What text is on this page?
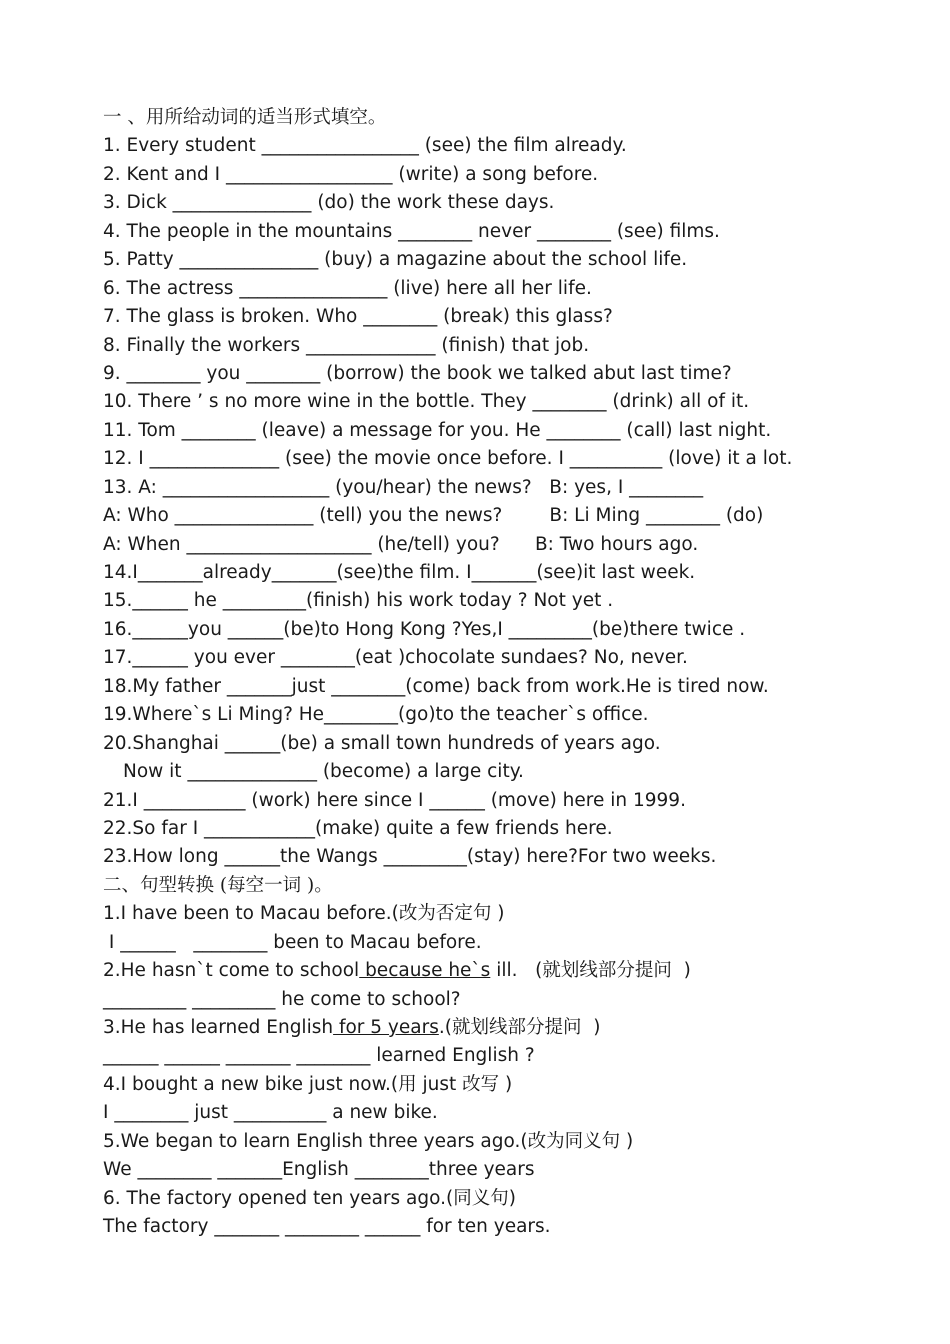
一 、用所给动词的适当形式填空。
1. Every student _________________ (see) the film already.
2. Kent and I __________________ (write) a song before.
3. Dick _______________ (do) the work these days.
4. The people in the mountains ________ never ________ (see) films.
5. Patty _______________ (buy) a magazine about the school life.
6. The actress ________________ (live) here all her life.
7. The glass is broken. Who ________ (break) this glass?
8. Finally the workers ______________ (finish) that job.
9. ________ you ________ (borrow) the book we talked abut last time?
10. There ’ s no more wine in the bottle. They ________ (drink) all of it.
11. Tom ________ (leave) a message for you. He ________ (call) last night.
12. I ______________ (see) the movie once before. I __________ (love) it a lot.
13. A: __________________ (you/hear) the news?   B: yes, I ________
A: Who _______________ (tell) you the news?        B: Li Ming ________ (do)
A: When ____________________ (he/tell) you?      B: Two hours ago.
14.I_______already_______(see)the film. I_______(see)it last week.
15.______ he _________(finish) his work today ? Not yet .
16.______you ______(be)to Hong Kong ?Yes,I _________(be)there twice .
17.______ you ever ________(eat )chocolate sundaes? No, never.
18.My father _______just ________(come) back from work.He is tired now.
19.Where`s Li Ming? He________(go)to the teacher`s office.
20.Shanghai ______(be) a small town hundreds of years ago.
Now it ______________ (become) a large city.
21.I ___________ (work) here since I ______ (move) here in 1999.
22.So far I ____________(make) quite a few friends here.
23.How long ______the Wangs _________(stay) here?For two weeks.
二、句型转换 (每空一词 )。
1.I have been to Macau before.(改为否定句 )
I ______   ________ been to Macau before.
2.He hasn`t come to school because he`s ill.   (就划线部分提问  )
_________ _________ he come to school?
3.He has learned English for 5 years.(就划线部分提问  )
______ ______ _______ ________ learned English ?
4.I bought a new bike just now.(用 just 改写 )
I ________ just __________ a new bike.
5.We began to learn English three years ago.(改为同义句 )
We ________ _______English ________three years
6. The factory opened ten years ago.(同义句)
The factory _______ ________ ______ for ten years.
